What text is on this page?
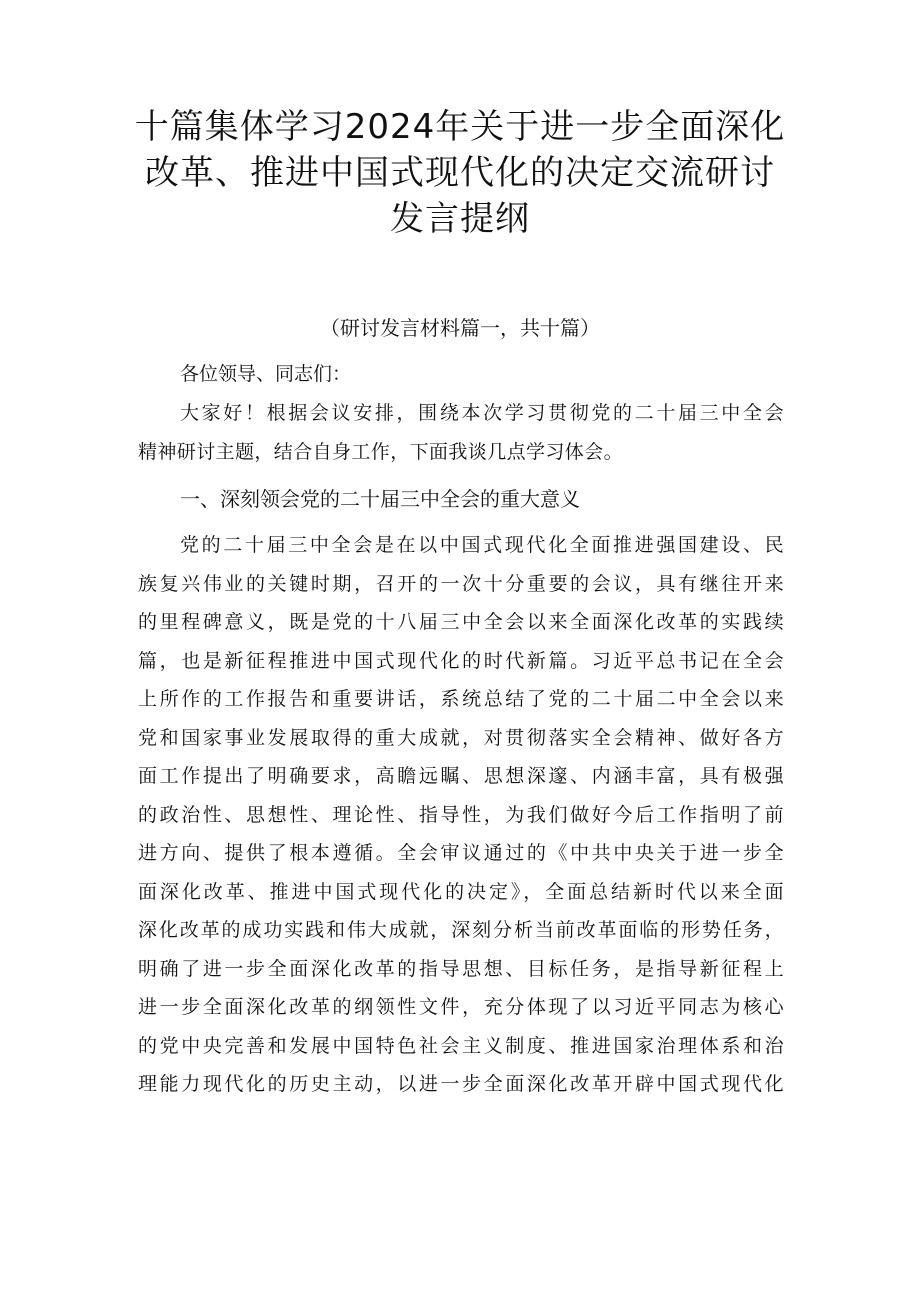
十篇集体学习2024年关于进一步全面深化
改革、推进中国式现代化的决定交流研讨
发言提纲

（研讨发言材料篇一，共十篇）

各位领导、同志们：

大家好！根据会议安排，围绕本次学习贯彻党的二十届三中全会
精神研讨主题，结合自身工作，下面我谈几点学习体会。
一、深刻领会党的二十届三中全会的重大意义
党的二十届三中全会是在以中国式现代化全面推进强国建设、民
族复兴伟业的关键时期，召开的一次十分重要的会议，具有继往开来
的里程碑意义，既是党的十八届三中全会以来全面深化改革的实践续
篇，也是新征程推进中国式现代化的时代新篇。习近平总书记在全会
上所作的工作报告和重要讲话，系统总结了党的二十届二中全会以来
党和国家事业发展取得的重大成就，对贯彻落实全会精神、做好各方
面工作提出了明确要求，高瞻远瞩、思想深邃、内涵丰富，具有极强
的政治性、思想性、理论性、指导性，为我们做好今后工作指明了前
进方向、提供了根本遵循。全会审议通过的《中共中央关于进一步全
面深化改革、推进中国式现代化的决定》，全面总结新时代以来全面
深化改革的成功实践和伟大成就，深刻分析当前改革面临的形势任务，
明确了进一步全面深化改革的指导思想、目标任务，是指导新征程上
进一步全面深化改革的纲领性文件，充分体现了以习近平同志为核心
的党中央完善和发展中国特色社会主义制度、推进国家治理体系和治
理能力现代化的历史主动，以进一步全面深化改革开辟中国式现代化
